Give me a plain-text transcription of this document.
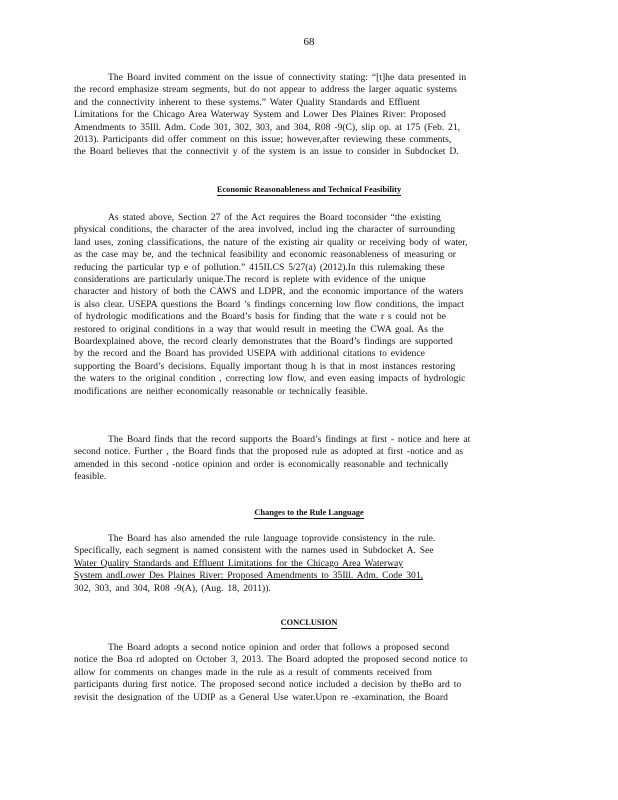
68
The Board invited comment on the issue of connectivity stating: “[t]he data presented in
the record emphasize stream segments, but do not appear to address the larger aquatic systems
and the connectivity inherent to these systems.” Water Quality Standards and Effluent
Limitations for the Chicago Area Waterway System and Lower Des Plaines River: Proposed
Amendments to 35Ill. Adm. Code 301, 302, 303, and 304, R08 -9(C), slip op. at 175 (Feb. 21,
2013). Participants did offer comment on this issue; however,after reviewing these comments,
the Board believes that the connectivit y of the system is an issue to consider in Subdocket D.
Economic Reasonableness and Technical Feasibility
As stated above, Section 27 of the Act requires the Board toconsider “the existing
physical conditions, the character of the area involved, includ ing the character of surrounding
land uses, zoning classifications, the nature of the existing air quality or receiving body of water,
as the case may be, and the technical feasibility and economic reasonableness of measuring or
reducing the particular typ e of pollution.” 415ILCS 5/27(a) (2012).In this rulemaking these
considerations are particularly unique.The record is replete with evidence of the unique
character and history of both the CAWS and LDPR, and the economic importance of the waters
is also clear. USEPA questions the Board ’s findings concerning low flow conditions, the impact
of hydrologic modifications and the Board’s basis for finding that the wate r s could not be
restored to original conditions in a way that would result in meeting the CWA goal. As the
Boardexplained above, the record clearly demonstrates that the Board’s findings are supported
by the record and the Board has provided USEPA with additional citations to evidence
supporting the Board’s decisions. Equally important thoug h is that in most instances restoring
the waters to the original condition , correcting low flow, and even easing impacts of hydrologic
modifications are neither economically reasonable or technically feasible.
The Board finds that the record supports the Board’s findings at first - notice and here at
second notice. Further , the Board finds that the proposed rule as adopted at first -notice and as
amended in this second -notice opinion and order is economically reasonable and technically
feasible.
Changes to the Rule Language
The Board has also amended the rule language toprovide consistency in the rule.
Specifically, each segment is named consistent with the names used in Subdocket A. See
Water Quality Standards and Effluent Limitations for the Chicago Area Waterway
System andLower Des Plaines River: Proposed Amendments to 35Ill. Adm. Code 301,
302, 303, and 304, R08 -9(A), (Aug. 18, 2011)).
CONCLUSION
The Board adopts a second notice opinion and order that follows a proposed second
notice the Boa rd adopted on October 3, 2013. The Board adopted the proposed second notice to
allow for comments on changes made in the rule as a result of comments received from
participants during first notice. The proposed second notice included a decision by theBo ard to
revisit the designation of the UDIP as a General Use water.Upon re -examination, the Board
